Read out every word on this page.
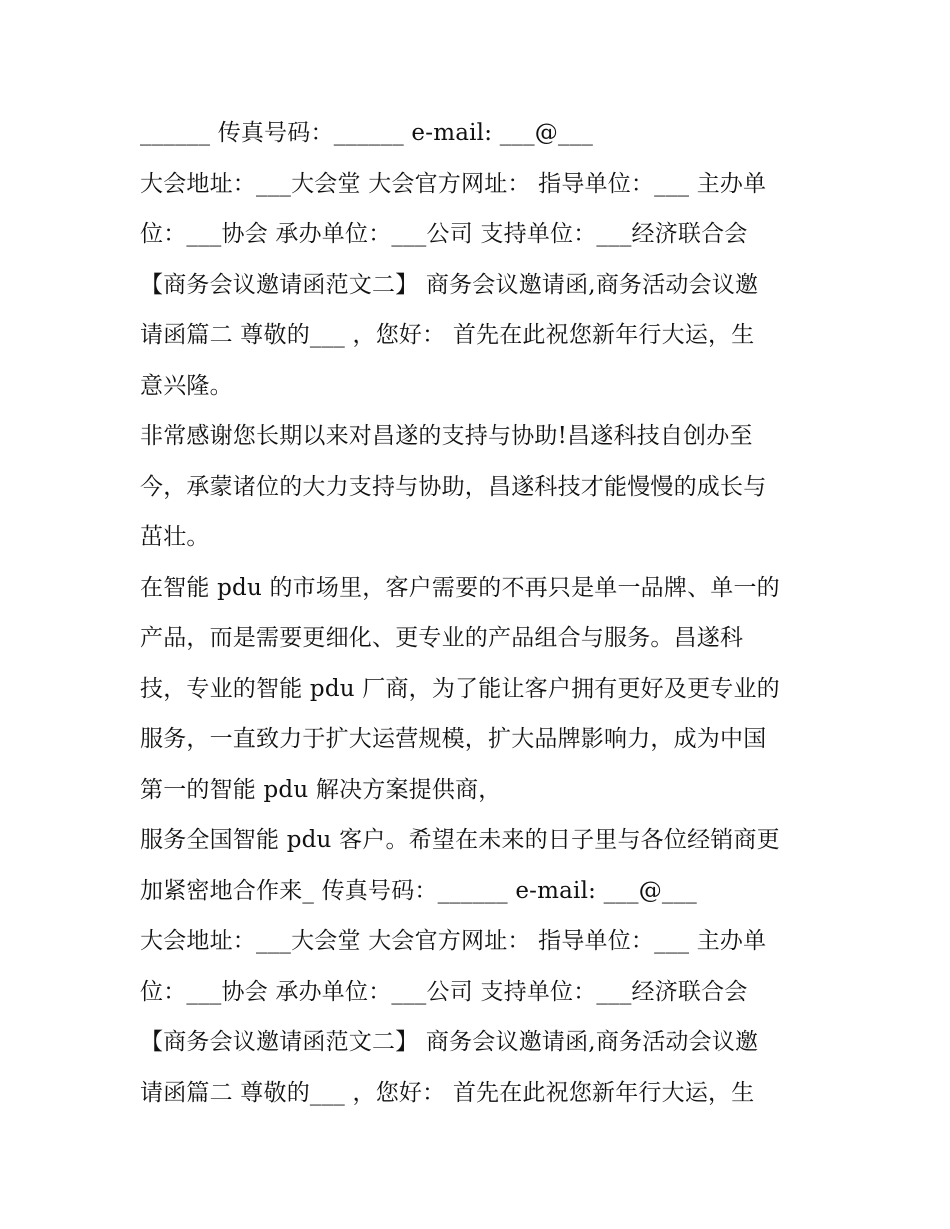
______ 传真号码：______ e-mail: ___@___
大会地址：___大会堂 大会官方网址： 指导单位：___ 主办单
位：___协会 承办单位：___公司 支持单位：___经济联合会
【商务会议邀请函范文二】 商务会议邀请函,商务活动会议邀
请函篇二 尊敬的___ ，您好： 首先在此祝您新年行大运，生
意兴隆。
非常感谢您长期以来对昌遂的支持与协助!昌遂科技自创办至
今，承蒙诸位的大力支持与协助，昌遂科技才能慢慢的成长与
茁壮。
在智能 pdu 的市场里，客户需要的不再只是单一品牌、单一的
产品，而是需要更细化、更专业的产品组合与服务。昌遂科
技，专业的智能 pdu 厂商，为了能让客户拥有更好及更专业的
服务，一直致力于扩大运营规模，扩大品牌影响力，成为中国
第一的智能 pdu 解决方案提供商，
服务全国智能 pdu 客户。希望在未来的日子里与各位经销商更
加紧密地合作来_ 传真号码：______ e-mail: ___@___
大会地址：___大会堂 大会官方网址： 指导单位：___ 主办单
位：___协会 承办单位：___公司 支持单位：___经济联合会
【商务会议邀请函范文二】 商务会议邀请函,商务活动会议邀
请函篇二 尊敬的___ ，您好： 首先在此祝您新年行大运，生
